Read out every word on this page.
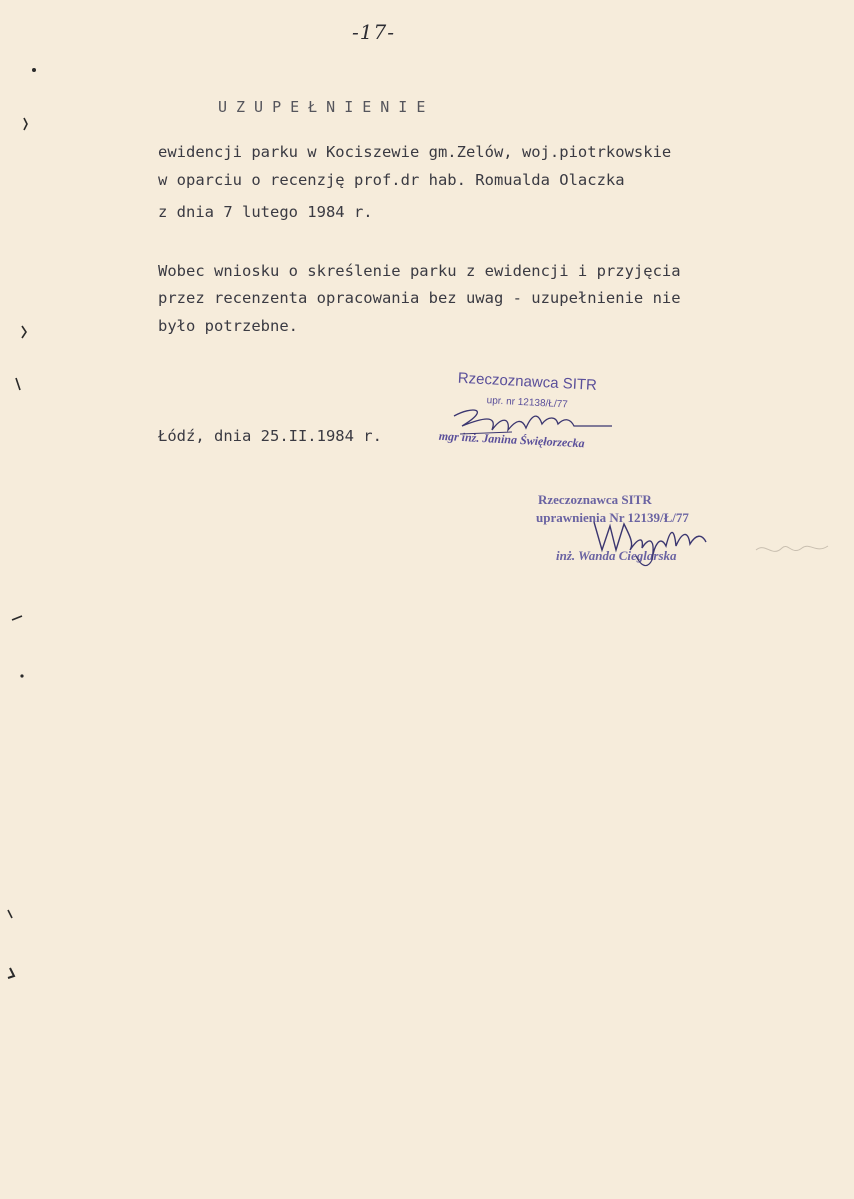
-17-
UZUPEŁNIENIE
ewidencji parku w Kociszewie gm.Zelów, woj.piotrkowskie
w oparciu o recenzję prof.dr hab. Romualda Olaczka
z dnia 7 lutego 1984 r.
Wobec wniosku o skreślenie parku z ewidencji i przyjęcia
przez recenzenta opracowania bez uwag - uzupełnienie nie
było potrzebne.
Łódź, dnia 25.II.1984 r.
Rzeczoznawca SITR
upr. nr 12138/Ł/77
mgr inż. Janina Święłorzecka
Rzeczoznawca SITR
uprawnienia Nr 12139/Ł/77
inż. Wanda Cieglarska
